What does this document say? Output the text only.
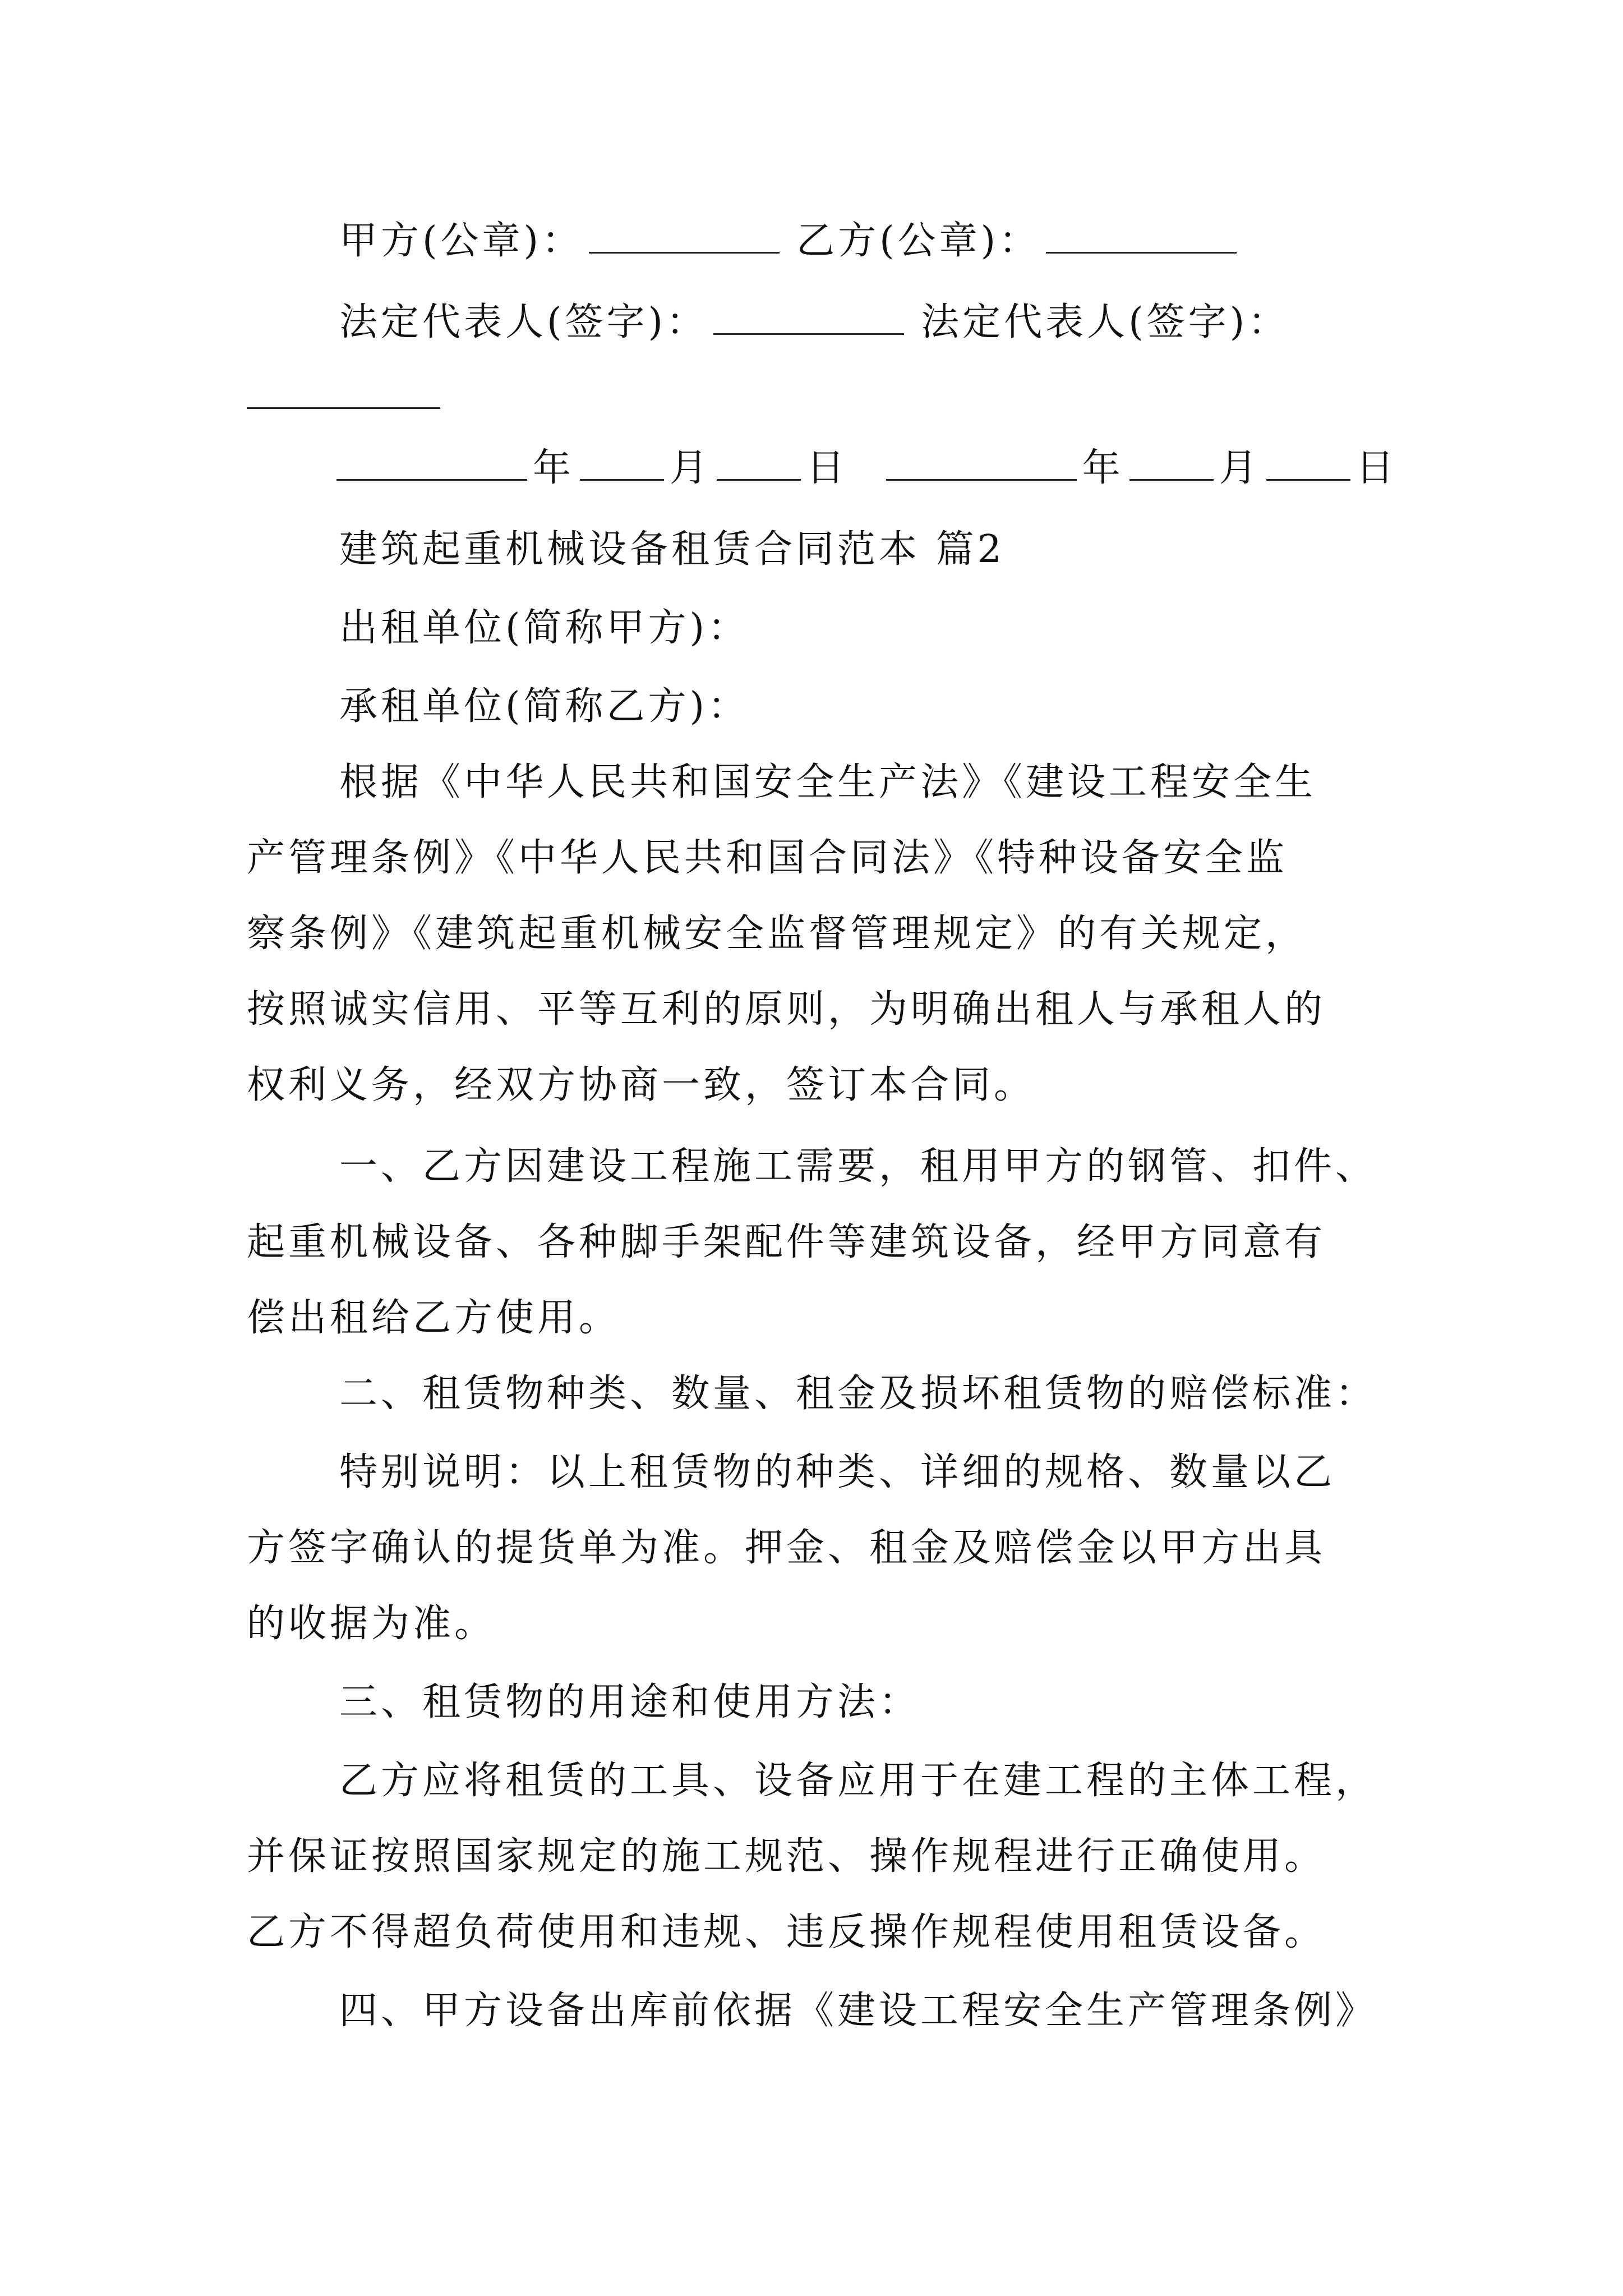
甲方(公章)：	乙方(公章)：
法定代表人(签字)：	法定代表人(签字)：
年	月	日	年	月	日
建筑起重机械设备租赁合同范本 篇2
出租单位(简称甲方)：
承租单位(简称乙方)：
根据《中华人民共和国安全生产法》《建设工程安全生
产管理条例》《中华人民共和国合同法》《特种设备安全监
察条例》《建筑起重机械安全监督管理规定》的有关规定，
按照诚实信用、平等互利的原则，为明确出租人与承租人的
权利义务，经双方协商一致，签订本合同。
一、乙方因建设工程施工需要，租用甲方的钢管、扣件、
起重机械设备、各种脚手架配件等建筑设备，经甲方同意有
偿出租给乙方使用。
二、租赁物种类、数量、租金及损坏租赁物的赔偿标准：
特别说明：以上租赁物的种类、详细的规格、数量以乙
方签字确认的提货单为准。押金、租金及赔偿金以甲方出具
的收据为准。
三、租赁物的用途和使用方法：
乙方应将租赁的工具、设备应用于在建工程的主体工程，
并保证按照国家规定的施工规范、操作规程进行正确使用。
乙方不得超负荷使用和违规、违反操作规程使用租赁设备。
四、甲方设备出库前依据《建设工程安全生产管理条例》
